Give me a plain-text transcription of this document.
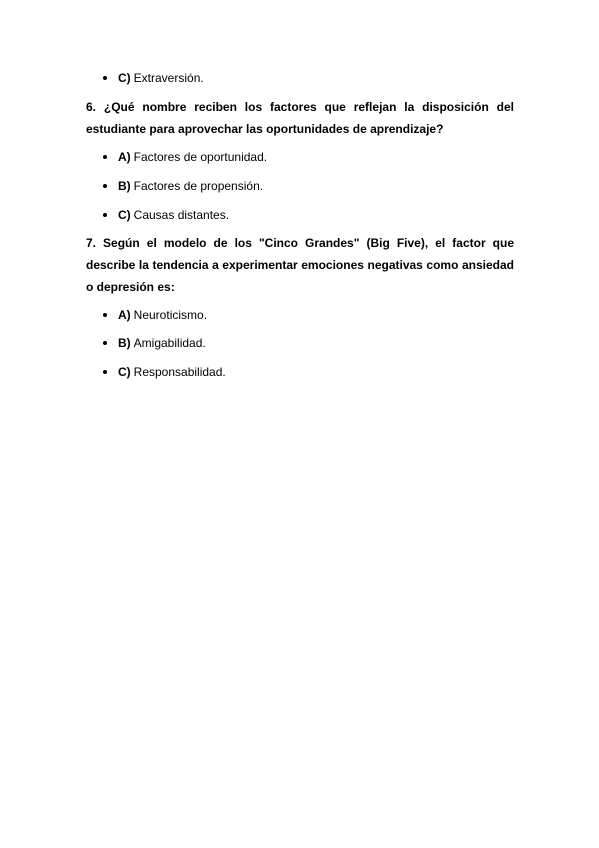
C) Extraversión.
6. ¿Qué nombre reciben los factores que reflejan la disposición del
estudiante para aprovechar las oportunidades de aprendizaje?
A) Factores de oportunidad.
B) Factores de propensión.
C) Causas distantes.
7. Según el modelo de los "Cinco Grandes" (Big Five), el factor que
describe la tendencia a experimentar emociones negativas como ansiedad
o depresión es:
A) Neuroticismo.
B) Amigabilidad.
C) Responsabilidad.
